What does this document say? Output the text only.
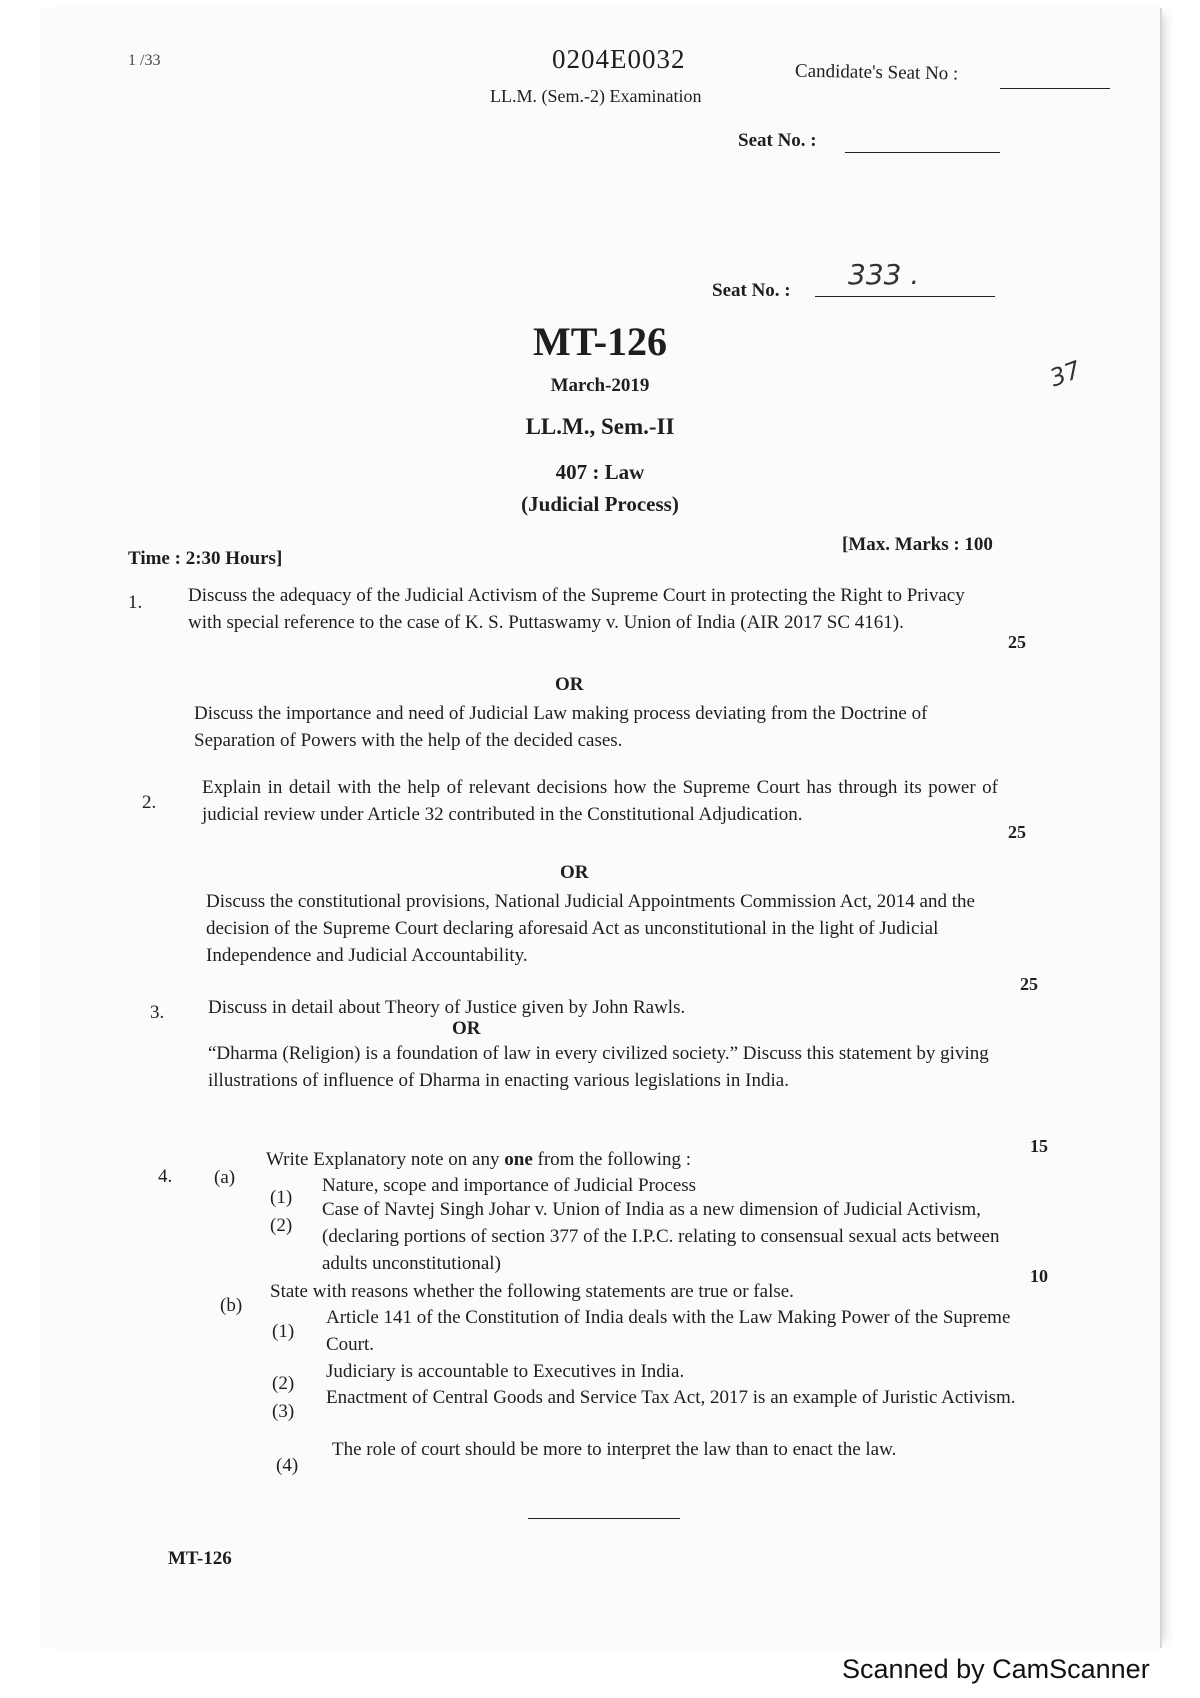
1 /33	0204E0032	Candidate's Seat No :
LL.M. (Sem.-2) Examination
Seat No. :
Seat No. : 333 .
37
MT-126
March-2019
LL.M., Sem.-II
407 : Law
(Judicial Process)
Time : 2:30 Hours]
[Max. Marks : 100
1. Discuss the adequacy of the Judicial Activism of the Supreme Court in protecting the Right to Privacy with special reference to the case of K. S. Puttaswamy v. Union of India (AIR 2017 SC 4161).
25
OR
Discuss the importance and need of Judicial Law making process deviating from the Doctrine of Separation of Powers with the help of the decided cases.
2.
Explain in detail with the help of relevant decisions how the Supreme Court has through its power of judicial review under Article 32 contributed in the Constitutional Adjudication.
25
OR
Discuss the constitutional provisions, National Judicial Appointments Commission Act, 2014 and the decision of the Supreme Court declaring aforesaid Act as unconstitutional in the light of Judicial Independence and Judicial Accountability.
25
3. Discuss in detail about Theory of Justice given by John Rawls.
OR
“Dharma (Religion) is a foundation of law in every civilized society.” Discuss this statement by giving illustrations of influence of Dharma in enacting various legislations in India.
15
4. (a)
Write Explanatory note on any one from the following :
(1)
Nature, scope and importance of Judicial Process
(2)
Case of Navtej Singh Johar v. Union of India as a new dimension of Judicial Activism, (declaring portions of section 377 of the I.P.C. relating to consensual sexual acts between adults unconstitutional)
10
(b)
State with reasons whether the following statements are true or false.
(1)
Article 141 of the Constitution of India deals with the Law Making Power of the Supreme Court.
(2)
Judiciary is accountable to Executives in India.
(3)
Enactment of Central Goods and Service Tax Act, 2017 is an example of Juristic Activism.
(4)
The role of court should be more to interpret the law than to enact the law.
MT-126
Scanned by CamScanner
